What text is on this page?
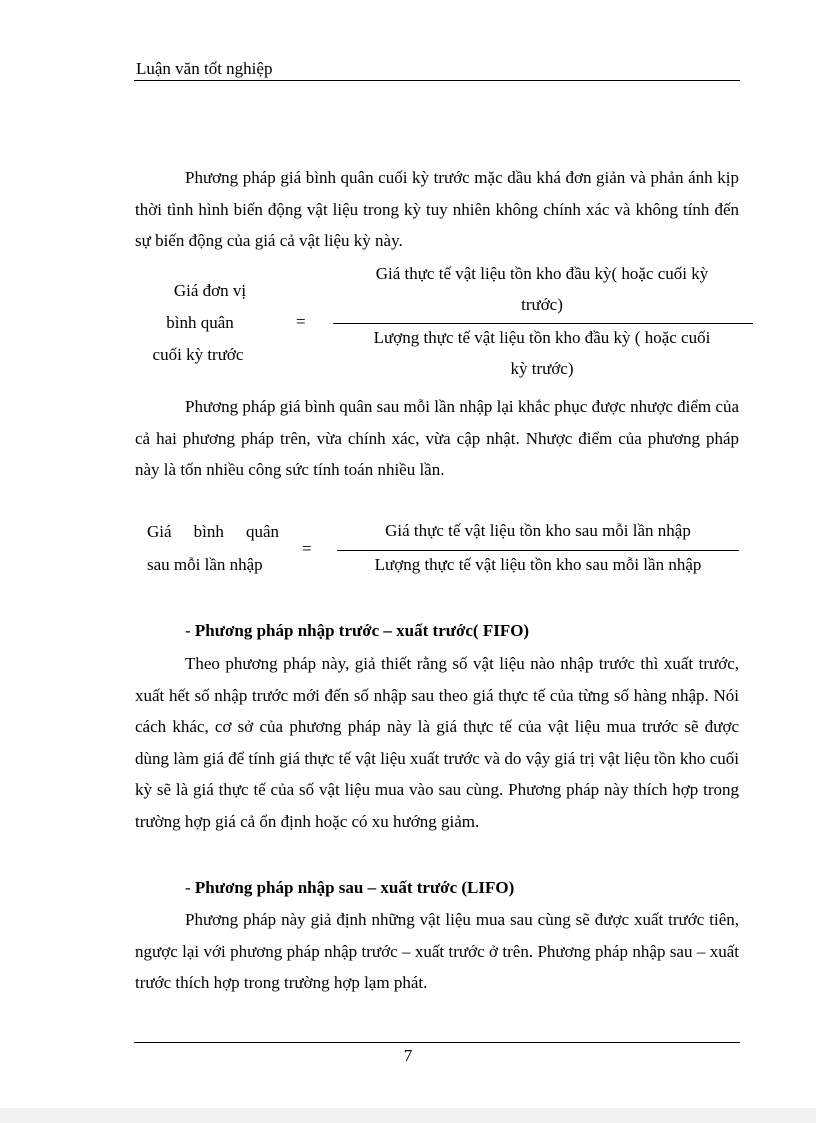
Luận văn tốt nghiệp
Phương pháp giá bình quân cuối kỳ trước mặc dầu khá đơn giản và phản ánh kịp thời tình hình biến động vật liệu trong kỳ tuy nhiên không chính xác và không tính đến sự biến động của giá cả vật liệu kỳ này.
Giá đơn vị
bình quân
cuối kỳ trước
=
Giá thực tế vật liệu tồn kho đầu kỳ( hoặc cuối kỳ
trước)
Lượng thực tế vật liệu tồn kho đầu kỳ ( hoặc cuối
kỳ trước)
Phương pháp giá bình quân sau mỗi lần nhập lại khắc phục được nhược điểm của cả hai phương pháp trên, vừa chính xác, vừa cập nhật. Nhược điểm của phương pháp này là tốn nhiều công sức tính toán nhiều lần.
Giá bình quân
sau mỗi lần nhập
=
Giá thực tế vật liệu tồn kho sau mỗi lần nhập
Lượng thực tế vật liệu tồn kho sau mỗi lần nhập
- Phương pháp nhập trước – xuất trước( FIFO)
Theo phương pháp này, giả thiết rằng số vật liệu nào nhập trước thì xuất trước, xuất hết số nhập trước mới đến số nhập sau theo giá thực tế của từng số hàng nhập. Nói cách khác, cơ sở của phương pháp này là giá thực tế của vật liệu mua trước sẽ được dùng làm giá để tính giá thực tế vật liệu xuất trước và do vậy giá trị vật liệu tồn kho cuối kỳ sẽ là giá thực tế của số vật liệu mua vào sau cùng. Phương pháp này thích hợp trong trường hợp giá cả ổn định hoặc có xu hướng giảm.
- Phương pháp nhập sau – xuất trước (LIFO)
Phương pháp này giả định những vật liệu mua sau cùng sẽ được xuất trước tiên, ngược lại với phương pháp nhập trước – xuất trước ở trên. Phương pháp nhập sau – xuất trước thích hợp trong trường hợp lạm phát.
7
